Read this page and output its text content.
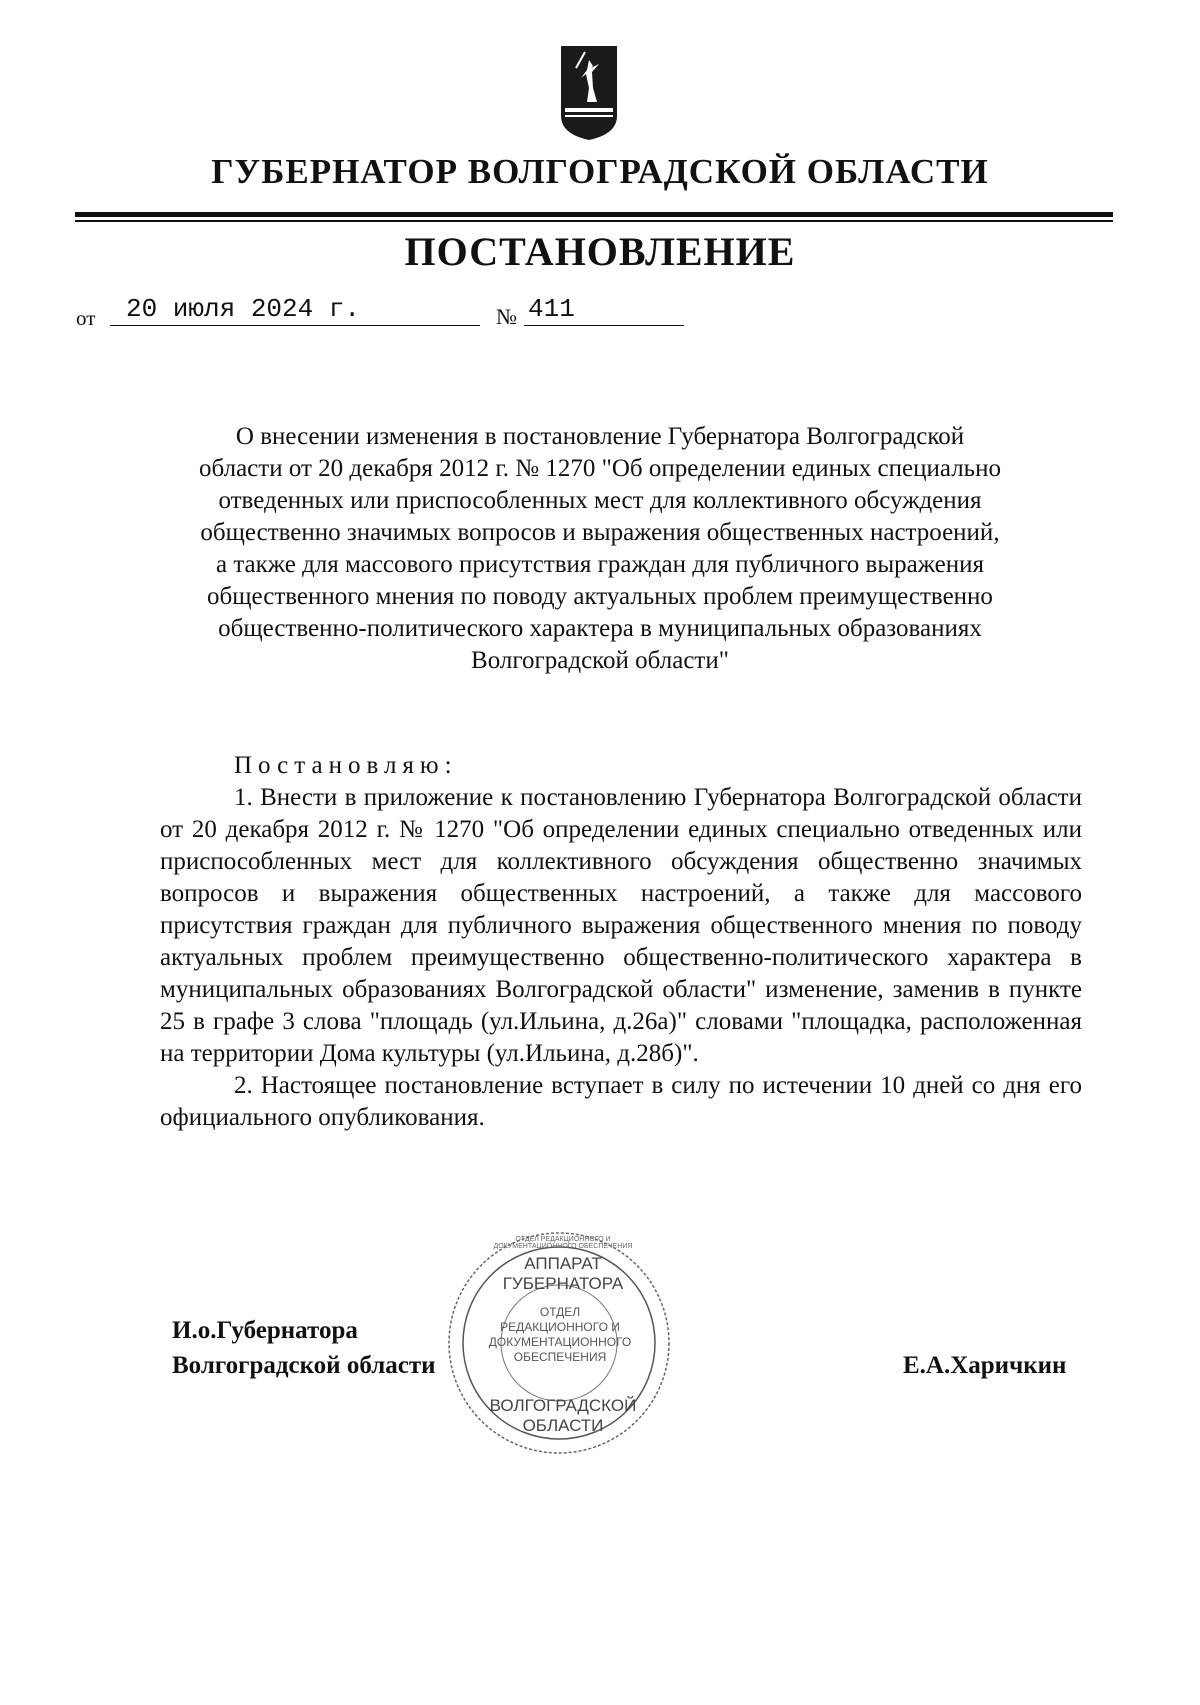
ГУБЕРНАТОР ВОЛГОГРАДСКОЙ ОБЛАСТИ
ПОСТАНОВЛЕНИЕ
от	20 июля 2024 г.	№ 411
О внесении изменения в постановление Губернатора Волгоградской
области от 20 декабря 2012 г. № 1270 "Об определении единых специально
отведенных или приспособленных мест для коллективного обсуждения
общественно значимых вопросов и выражения общественных настроений,
а также для массового присутствия граждан для публичного выражения
общественного мнения по поводу актуальных проблем преимущественно
общественно-политического характера в муниципальных образованиях
Волгоградской области"
Постановляю:

1. Внести в приложение к постановлению Губернатора Волгоградской области от 20 декабря 2012 г. № 1270 "Об определении единых специально отведенных или приспособленных мест для коллективного обсуждения общественно значимых вопросов и выражения общественных настроений, а также для массового присутствия граждан для публичного выражения общественного мнения по поводу актуальных проблем преимущественно общественно-политического характера в муниципальных образованиях Волгоградской области" изменение, заменив в пункте 25 в графе 3 слова "площадь (ул.Ильина, д.26а)" словами "площадка, расположенная на территории Дома культуры (ул.Ильина, д.28б)".

2. Настоящее постановление вступает в силу по истечении 10 дней со дня его официального опубликования.

И.о.Губернатора
Волгоградской области	Е.А.Харичкин
ОТДЕЛ РЕДАКЦИОННОГО И ДОКУМЕНТАЦИОННОГО ОБЕСПЕЧЕНИЯ
АППАРАТ ГУБЕРНАТОРА
ОТДЕЛ
РЕДАКЦИОННОГО И
ДОКУМЕНТАЦИОННОГО
ОБЕСПЕЧЕНИЯ
ВОЛГОГРАДСКОЙ ОБЛАСТИ
